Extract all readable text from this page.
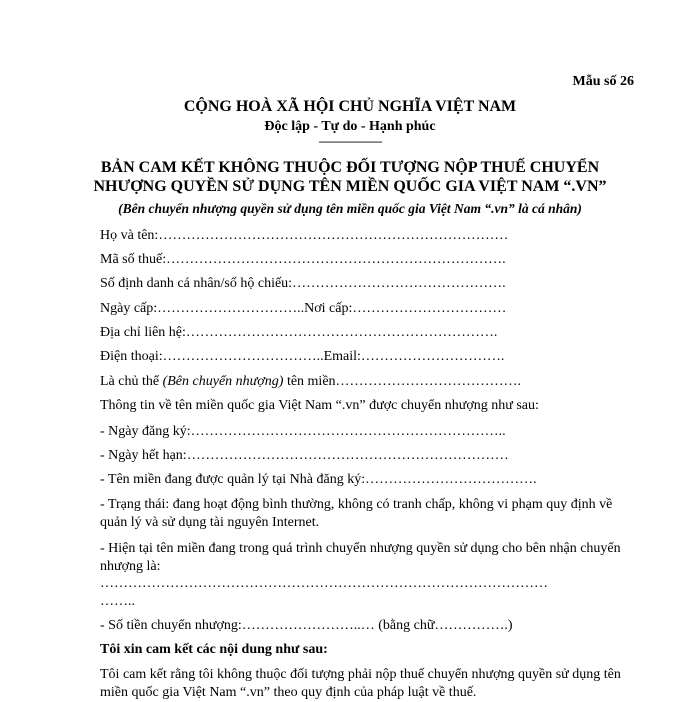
Mẫu số 26
CỘNG HOÀ XÃ HỘI CHỦ NGHĨA VIỆT NAM
Độc lập - Tự do - Hạnh phúc
---------------------
BẢN CAM KẾT KHÔNG THUỘC ĐỐI TƯỢNG NỘP THUẾ CHUYỂN
NHƯỢNG QUYỀN SỬ DỤNG TÊN MIỀN QUỐC GIA VIỆT NAM “.VN”
(Bên chuyển nhượng quyền sử dụng tên miền quốc gia Việt Nam “.vn” là cá nhân)
Họ và tên:…………………………………………………………………
Mã số thuế:……………………………………………………………….
Số định danh cá nhân/số hộ chiếu:……………………………………….
Ngày cấp:…………………………..Nơi cấp:……………………………
Địa chỉ liên hệ:………………………………………………………….
Điện thoại:……………………………..Email:………………………….
Là chủ thể (Bên chuyển nhượng) tên miền………………………………….
Thông tin về tên miền quốc gia Việt Nam “.vn” được chuyển nhượng như sau:
- Ngày đăng ký:…………………………………………………………..
- Ngày hết hạn:……………………………………………………………
- Tên miền đang được quản lý tại Nhà đăng ký:……………………………….
- Trạng thái: đang hoạt động bình thường, không có tranh chấp, không vi phạm quy định về quản lý và sử dụng tài nguyên Internet.
- Hiện tại tên miền đang trong quá trình chuyển nhượng quyền sử dụng cho bên nhận chuyển nhượng là:
……………………………………………………………………………………
……..
- Số tiền chuyển nhượng:……………………..… (bằng chữ…………….)
Tôi xin cam kết các nội dung như sau:
Tôi cam kết rằng tôi không thuộc đối tượng phải nộp thuế chuyển nhượng quyền sử dụng tên miền quốc gia Việt Nam “.vn” theo quy định của pháp luật về thuế.
